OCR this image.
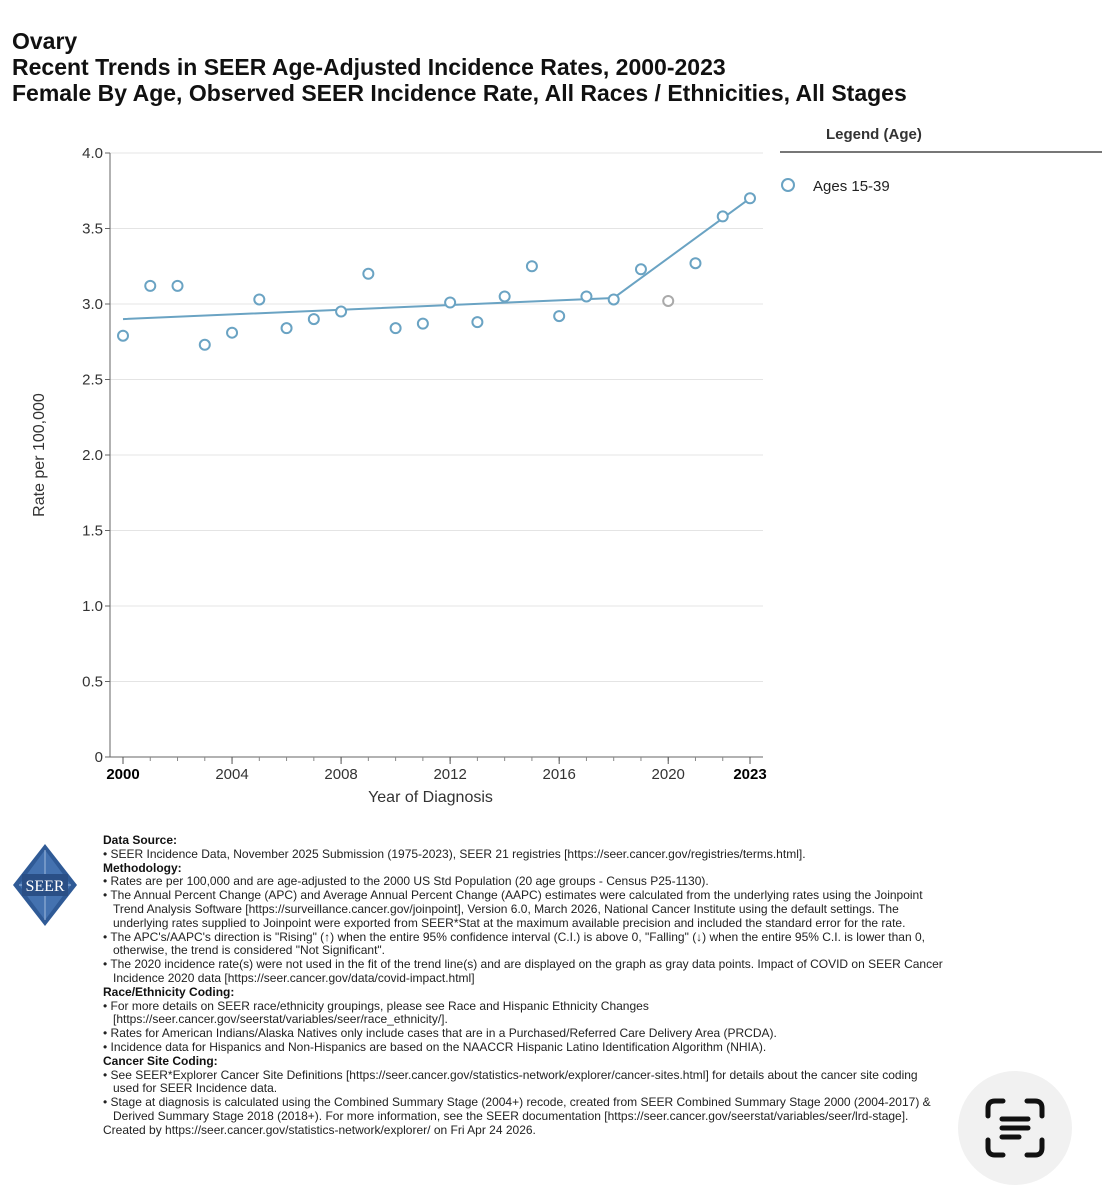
Ovary
Recent Trends in SEER Age-Adjusted Incidence Rates, 2000-2023
Female By Age, Observed SEER Incidence Rate, All Races / Ethnicities, All Stages
0
0.5
1.0
1.5
2.0
2.5
3.0
3.5
4.0
2000	2004	2008	2012	2016	2020	2023
Year of Diagnosis
Rate per 100,000
Legend (Age)
Ages 15-39
SEER
Data Source:
• SEER Incidence Data, November 2025 Submission (1975-2023), SEER 21 registries [https://seer.cancer.gov/registries/terms.html].
Methodology:
• Rates are per 100,000 and are age-adjusted to the 2000 US Std Population (20 age groups - Census P25-1130).
• The Annual Percent Change (APC) and Average Annual Percent Change (AAPC) estimates were calculated from the underlying rates using the Joinpoint Trend Analysis Software [https://surveillance.cancer.gov/joinpoint], Version 6.0, March 2026, National Cancer Institute using the default settings. The underlying rates supplied to Joinpoint were exported from SEER*Stat at the maximum available precision and included the standard error for the rate.
• The APC's/AAPC's direction is "Rising" (↑) when the entire 95% confidence interval (C.I.) is above 0, "Falling" (↓) when the entire 95% C.I. is lower than 0, otherwise, the trend is considered "Not Significant".
• The 2020 incidence rate(s) were not used in the fit of the trend line(s) and are displayed on the graph as gray data points. Impact of COVID on SEER Cancer Incidence 2020 data [https://seer.cancer.gov/data/covid-impact.html]
Race/Ethnicity Coding:
• For more details on SEER race/ethnicity groupings, please see Race and Hispanic Ethnicity Changes [https://seer.cancer.gov/seerstat/variables/seer/race_ethnicity/].
• Rates for American Indians/Alaska Natives only include cases that are in a Purchased/Referred Care Delivery Area (PRCDA).
• Incidence data for Hispanics and Non-Hispanics are based on the NAACCR Hispanic Latino Identification Algorithm (NHIA).
Cancer Site Coding:
• See SEER*Explorer Cancer Site Definitions [https://seer.cancer.gov/statistics-network/explorer/cancer-sites.html] for details about the cancer site coding used for SEER Incidence data.
• Stage at diagnosis is calculated using the Combined Summary Stage (2004+) recode, created from SEER Combined Summary Stage 2000 (2004-2017) & Derived Summary Stage 2018 (2018+). For more information, see the SEER documentation [https://seer.cancer.gov/seerstat/variables/seer/lrd-stage].
Created by https://seer.cancer.gov/statistics-network/explorer/ on Fri Apr 24 2026.
